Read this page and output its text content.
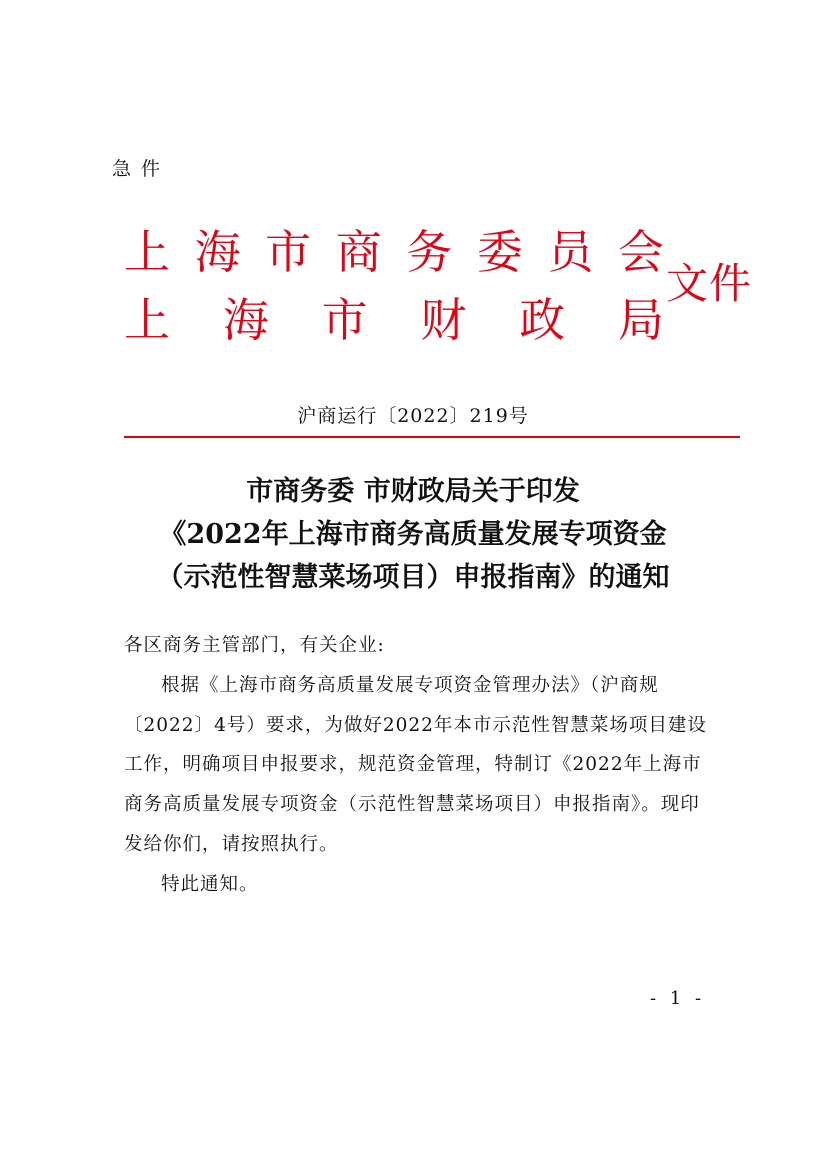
急件
上 海 市 商 务 委 员 会
上 海 市 财 政 局
文件
沪商运行〔2022〕219号
市商务委 市财政局关于印发
《2022年上海市商务高质量发展专项资金
（示范性智慧菜场项目）申报指南》的通知

各区商务主管部门，有关企业:

根据《上海市商务高质量发展专项资金管理办法》（沪商规〔2022〕4号）要求，为做好2022年本市示范性智慧菜场项目建设工作，明确项目申报要求，规范资金管理，特制订《2022年上海市商务高质量发展专项资金（示范性智慧菜场项目）申报指南》。现印发给你们，请按照执行。

特此通知。

- 1 -
